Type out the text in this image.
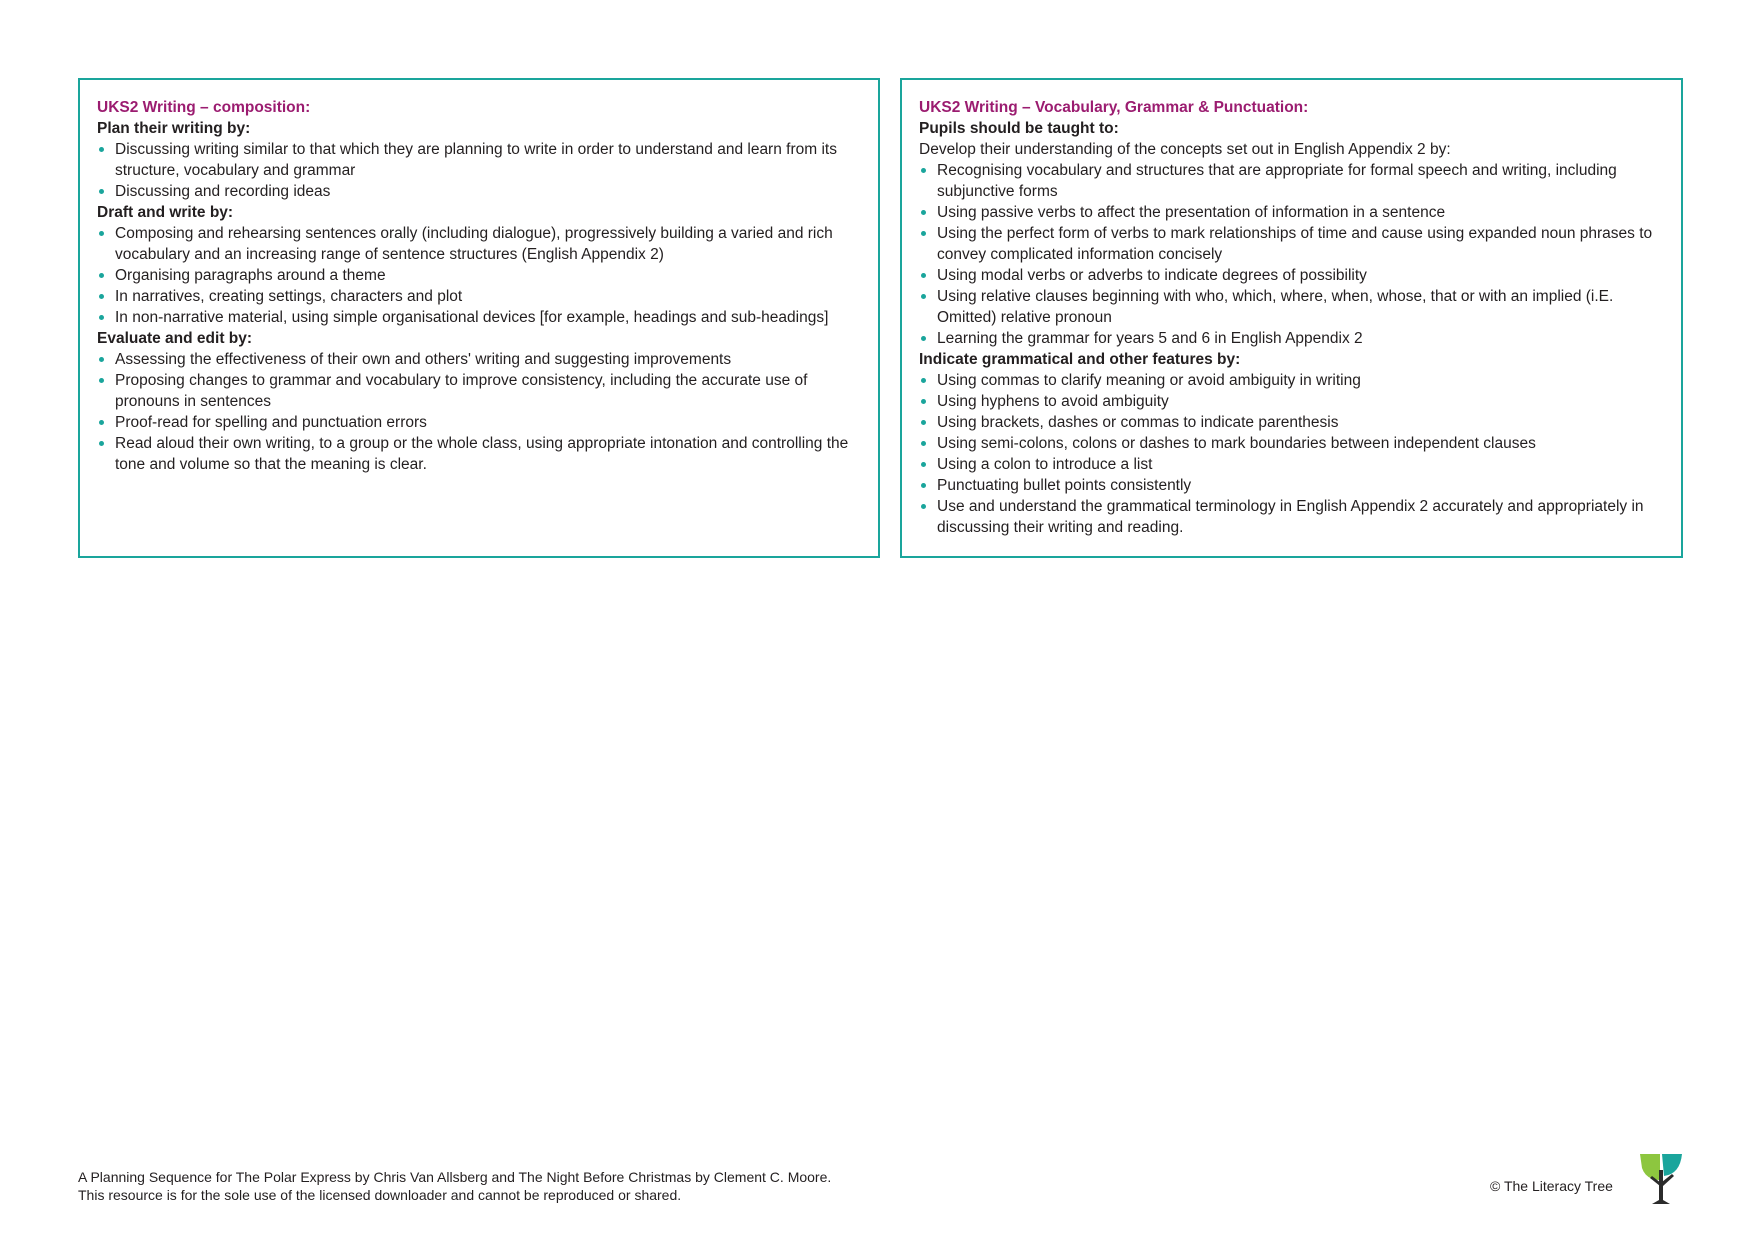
UKS2 Writing – composition:

Plan their writing by:

Discussing writing similar to that which they are planning to write in order to understand and learn from its structure, vocabulary and grammar
Discussing and recording ideas

Draft and write by:

Composing and rehearsing sentences orally (including dialogue), progressively building a varied and rich vocabulary and an increasing range of sentence structures (English Appendix 2)
Organising paragraphs around a theme
In narratives, creating settings, characters and plot
In non-narrative material, using simple organisational devices [for example, headings and sub-headings]

Evaluate and edit by:

Assessing the effectiveness of their own and others' writing and suggesting improvements
Proposing changes to grammar and vocabulary to improve consistency, including the accurate use of pronouns in sentences
Proof-read for spelling and punctuation errors
Read aloud their own writing, to a group or the whole class, using appropriate intonation and controlling the tone and volume so that the meaning is clear.

UKS2 Writing – Vocabulary, Grammar & Punctuation:

Pupils should be taught to:

Develop their understanding of the concepts set out in English Appendix 2 by:

Recognising vocabulary and structures that are appropriate for formal speech and writing, including subjunctive forms
Using passive verbs to affect the presentation of information in a sentence
Using the perfect form of verbs to mark relationships of time and cause using expanded noun phrases to convey complicated information concisely
Using modal verbs or adverbs to indicate degrees of possibility
Using relative clauses beginning with who, which, where, when, whose, that or with an implied (i.E. Omitted) relative pronoun
Learning the grammar for years 5 and 6 in English Appendix 2

Indicate grammatical and other features by:

Using commas to clarify meaning or avoid ambiguity in writing
Using hyphens to avoid ambiguity
Using brackets, dashes or commas to indicate parenthesis
Using semi-colons, colons or dashes to mark boundaries between independent clauses
Using a colon to introduce a list
Punctuating bullet points consistently
Use and understand the grammatical terminology in English Appendix 2 accurately and appropriately in discussing their writing and reading.
A Planning Sequence for The Polar Express by Chris Van Allsberg and The Night Before Christmas by Clement C. Moore.
This resource is for the sole use of the licensed downloader and cannot be reproduced or shared.
© The Literacy Tree
